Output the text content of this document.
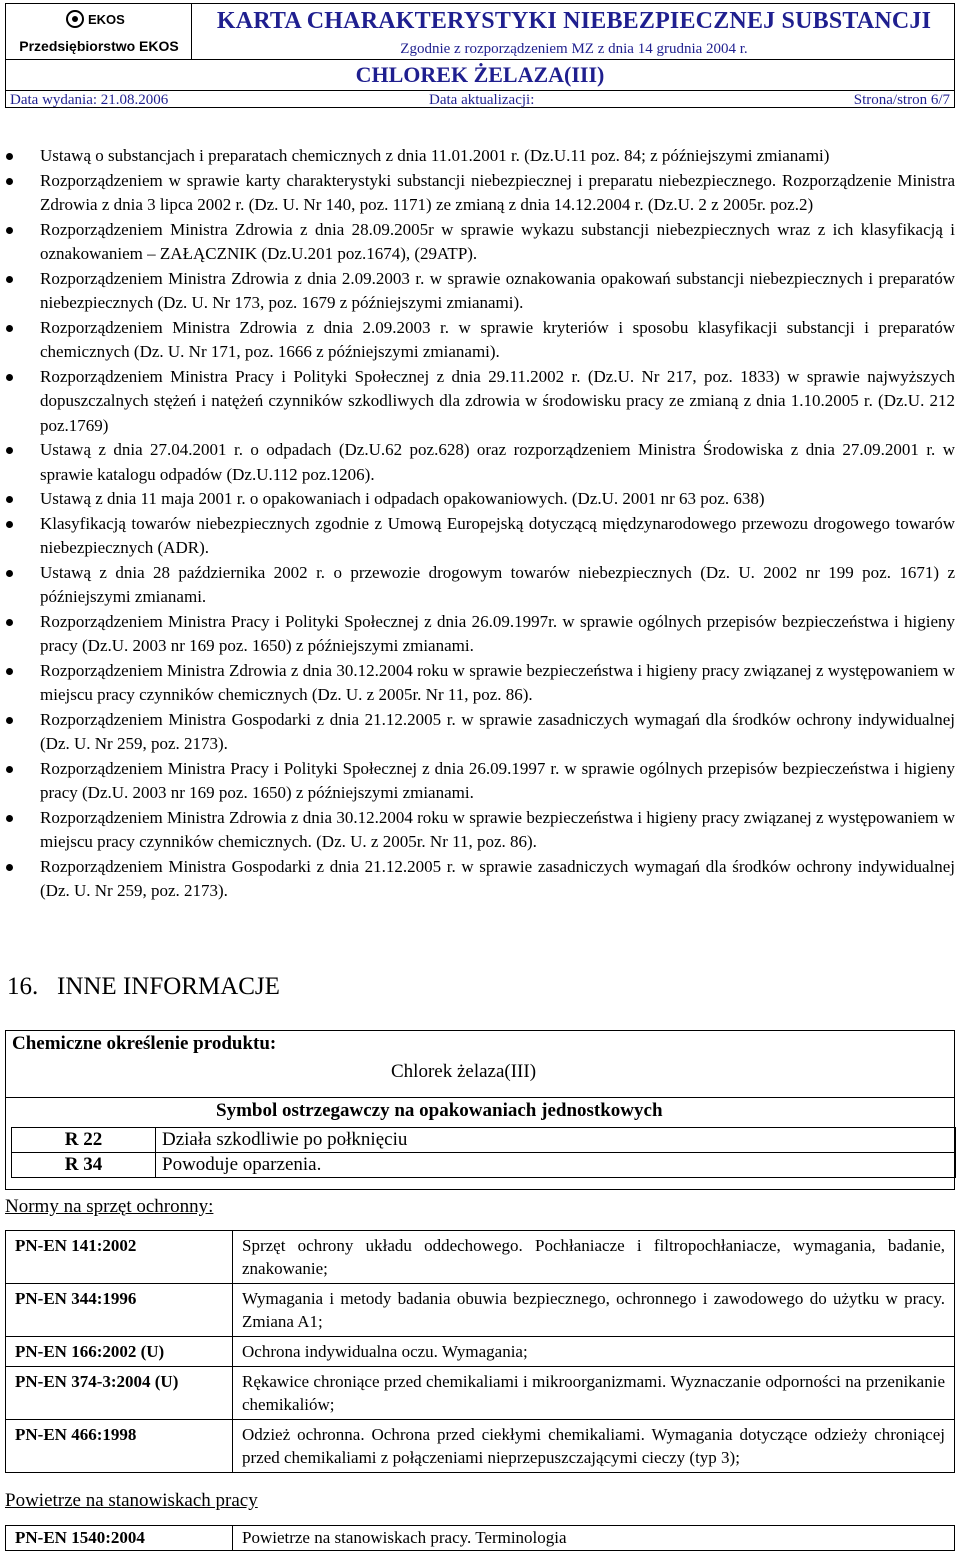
EKOS
Przedsiębiorstwo EKOS
KARTA CHARAKTERYSTYKI NIEBEZPIECZNEJ SUBSTANCJI
Zgodnie z rozporządzeniem MZ z dnia 14 grudnia 2004 r.
CHLOREK ŻELAZA(III)
Data wydania: 21.08.2006	Data aktualizacji:	Strona/stron 6/7
Ustawą o substancjach i preparatach chemicznych z dnia 11.01.2001 r. (Dz.U.11 poz. 84; z późniejszymi zmianami)
Rozporządzeniem w sprawie karty charakterystyki substancji niebezpiecznej i preparatu niebezpiecznego. Rozporządzenie Ministra Zdrowia z dnia 3 lipca 2002 r. (Dz. U. Nr 140, poz. 1171) ze zmianą z dnia 14.12.2004 r. (Dz.U. 2 z 2005r. poz.2)
Rozporządzeniem Ministra Zdrowia z dnia 28.09.2005r w sprawie wykazu substancji niebezpiecznych wraz z ich klasyfikacją i oznakowaniem – ZAŁĄCZNIK (Dz.U.201 poz.1674), (29ATP).
Rozporządzeniem Ministra Zdrowia z dnia 2.09.2003 r. w sprawie oznakowania opakowań substancji niebezpiecznych i preparatów niebezpiecznych (Dz. U. Nr 173, poz. 1679 z późniejszymi zmianami).
Rozporządzeniem Ministra Zdrowia z dnia 2.09.2003 r. w sprawie kryteriów i sposobu klasyfikacji substancji i preparatów chemicznych (Dz. U. Nr 171, poz. 1666 z późniejszymi zmianami).
Rozporządzeniem Ministra Pracy i Polityki Społecznej z dnia 29.11.2002 r. (Dz.U. Nr 217, poz. 1833) w sprawie najwyższych dopuszczalnych stężeń i natężeń czynników szkodliwych dla zdrowia w środowisku pracy ze zmianą z dnia 1.10.2005 r. (Dz.U. 212 poz.1769)
Ustawą z dnia 27.04.2001 r. o odpadach (Dz.U.62 poz.628) oraz rozporządzeniem Ministra Środowiska z dnia 27.09.2001 r. w sprawie katalogu odpadów (Dz.U.112 poz.1206).
Ustawą z dnia 11 maja 2001 r. o opakowaniach i odpadach opakowaniowych. (Dz.U. 2001 nr 63 poz. 638)
Klasyfikacją towarów niebezpiecznych zgodnie z Umową Europejską dotyczącą międzynarodowego przewozu drogowego towarów niebezpiecznych (ADR).
Ustawą z dnia 28 października 2002 r. o przewozie drogowym towarów niebezpiecznych (Dz. U. 2002 nr 199 poz. 1671) z późniejszymi zmianami.
Rozporządzeniem Ministra Pracy i Polityki Społecznej z dnia 26.09.1997r. w sprawie ogólnych przepisów bezpieczeństwa i higieny pracy (Dz.U. 2003 nr 169 poz. 1650) z późniejszymi zmianami.
Rozporządzeniem Ministra Zdrowia z dnia 30.12.2004 roku w sprawie bezpieczeństwa i higieny pracy związanej z występowaniem w miejscu pracy czynników chemicznych (Dz. U. z 2005r. Nr 11, poz. 86).
Rozporządzeniem Ministra Gospodarki z dnia 21.12.2005 r. w sprawie zasadniczych wymagań dla środków ochrony indywidualnej (Dz. U. Nr 259, poz. 2173).
Rozporządzeniem Ministra Pracy i Polityki Społecznej z dnia 26.09.1997 r. w sprawie ogólnych przepisów bezpieczeństwa i higieny pracy (Dz.U. 2003 nr 169 poz. 1650) z późniejszymi zmianami.
Rozporządzeniem Ministra Zdrowia z dnia 30.12.2004 roku w sprawie bezpieczeństwa i higieny pracy związanej z występowaniem w miejscu pracy czynników chemicznych. (Dz. U. z 2005r. Nr 11, poz. 86).
Rozporządzeniem Ministra Gospodarki z dnia 21.12.2005 r. w sprawie zasadniczych wymagań dla środków ochrony indywidualnej (Dz. U. Nr 259, poz. 2173).
16.   INNE INFORMACJE
Chemiczne określenie produktu:
Chlorek żelaza(III)
Symbol ostrzegawczy na opakowaniach jednostkowych
R 22	Działa szkodliwie po połknięciu
R 34	Powoduje oparzenia.
Normy na sprzęt ochronny:
PN-EN 141:2002	Sprzęt ochrony układu oddechowego. Pochłaniacze i filtropochłaniacze, wymagania, badanie, znakowanie;
PN-EN 344:1996	Wymagania i metody badania obuwia bezpiecznego, ochronnego i zawodowego do użytku w pracy. Zmiana A1;
PN-EN 166:2002 (U)	Ochrona indywidualna oczu. Wymagania;
PN-EN 374-3:2004 (U)	Rękawice chroniące przed chemikaliami i mikroorganizmami. Wyznaczanie odporności na przenikanie chemikaliów;
PN-EN 466:1998	Odzież ochronna. Ochrona przed ciekłymi chemikaliami. Wymagania dotyczące odzieży chroniącej przed chemikaliami z połączeniami nieprzepuszczającymi cieczy (typ 3);
Powietrze na stanowiskach pracy
PN-EN 1540:2004	Powietrze na stanowiskach pracy. Terminologia
